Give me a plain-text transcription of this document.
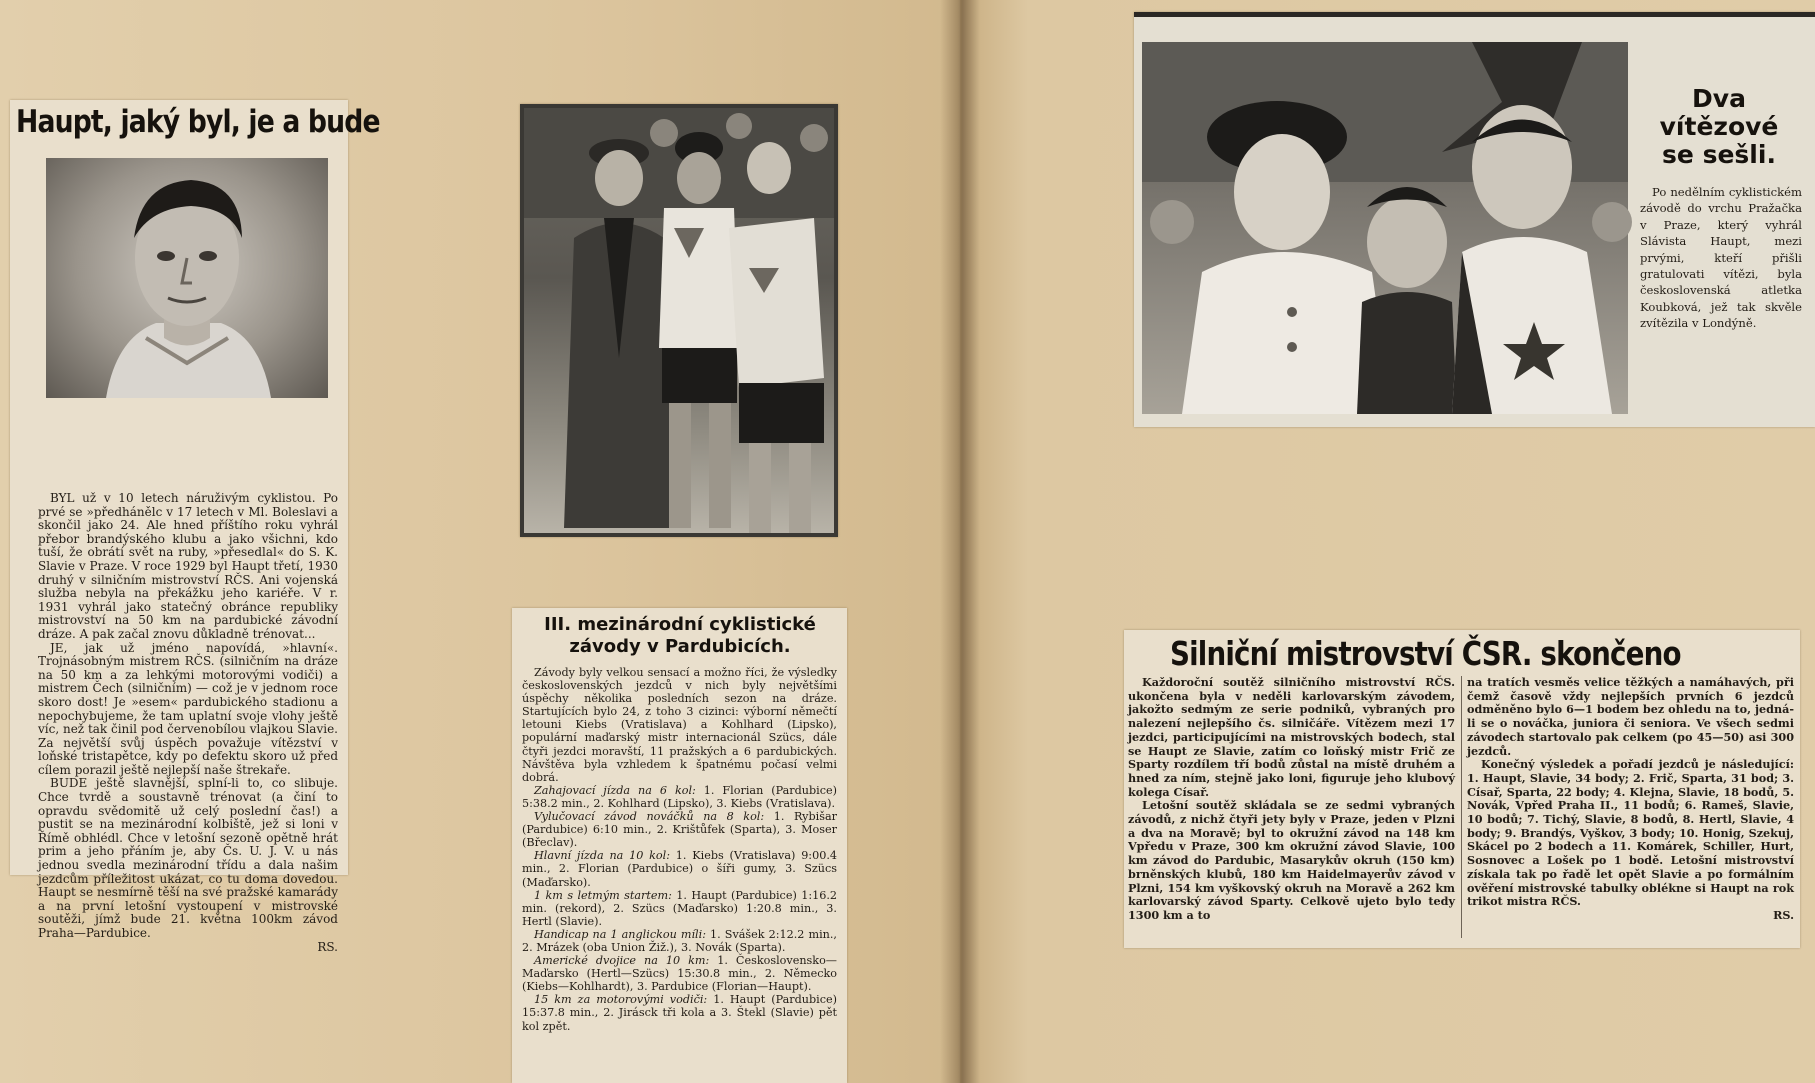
Haupt, jaký byl, je a bude

BYL už v 10 letech náruživým cyklistou. Po prvé se »předhánělc v 17 letech v Ml. Boleslavi a skončil jako 24. Ale hned příštího roku vyhrál přebor brandýského klubu a jako všichni, kdo tuší, že obrátí svět na ruby, »přesedlal« do S. K. Slavie v Praze. V roce 1929 byl Haupt třetí, 1930 druhý v silničním mistrovství RČS. Ani vojenská služba nebyla na překážku jeho kariéře. V r. 1931 vyhrál jako statečný obránce republiky mistrovství na 50 km na pardubické závodní dráze. A pak začal znovu důkladně trénovat...

JE, jak už jméno napovídá, »hlavní«. Trojnásobným mistrem RČS. (silničním na dráze na 50 km a za lehkými motorovými vodiči) a mistrem Čech (silničním) — což je v jednom roce skoro dost! Je »esem« pardubického stadionu a nepochybujeme, že tam uplatní svoje vlohy ještě víc, než tak činil pod červenobílou vlajkou Slavie. Za největší svůj úspěch považuje vítězství v loňské tristapětce, kdy po defektu skoro už před cílem porazil ještě nejlepší naše štrekaře.

BUDE ještě slavnější, splní-li to, co slibuje. Chce tvrdě a soustavně trénovat (a činí to opravdu svědomitě už celý poslední čas!) a pustit se na mezinárodní kolbiště, jež si loni v Římě obhlédl. Chce v letošní sezoně opětně hrát prim a jeho přáním je, aby Čs. U. J. V. u nás jednou svedla mezinárodní třídu a dala našim jezdcům příležitost ukázat, co tu doma dovedou. Haupt se nesmírně těší na své pražské kamarády a na první letošní vystoupení v mistrovské soutěži, jímž bude 21. května 100km závod Praha—Pardubice.

RS.

III. mezinárodní cyklistické
závody v Pardubicích.

Závody byly velkou sensací a možno říci, že výsledky československých jezdců v nich byly největšími úspěchy několika posledních sezon na dráze. Startujících bylo 24, z toho 3 cizinci: výborní němečtí letouni Kiebs (Vratislava) a Kohlhard (Lipsko), populární maďarský mistr internacionál Szücs, dále čtyři jezdci moravští, 11 pražských a 6 pardubických. Návštěva byla vzhledem k špatnému počasí velmi dobrá.

Zahajovací jízda na 6 kol: 1. Florian (Pardubice) 5:38.2 min., 2. Kohlhard (Lipsko), 3. Kiebs (Vratislava).

Vylučovací závod nováčků na 8 kol: 1. Rybišar (Pardubice) 6:10 min., 2. Krištůfek (Sparta), 3. Moser (Břeclav).

Hlavní jízda na 10 kol: 1. Kiebs (Vratislava) 9:00.4 min., 2. Florian (Pardubice) o šíři gumy, 3. Szücs (Maďarsko).

1 km s letmým startem: 1. Haupt (Pardubice) 1:16.2 min. (rekord), 2. Szücs (Maďarsko) 1:20.8 min., 3. Hertl (Slavie).

Handicap na 1 anglickou míli: 1. Svášek 2:12.2 min., 2. Mrázek (oba Union Žiž.), 3. Novák (Sparta).

Americké dvojice na 10 km: 1. Československo—Maďarsko (Hertl—Szücs) 15:30.8 min., 2. Německo (Kiebs—Kohlhardt), 3. Pardubice (Florian—Haupt).

15 km za motorovými vodiči: 1. Haupt (Pardubice) 15:37.8 min., 2. Jirásck tři kola a 3. Štekl (Slavie) pět kol zpět.

Dva
vítězové
se sešli.
Po nedělním cyklistickém závodě do vrchu Pražačka v Praze, který vyhrál Slávista Haupt, mezi prvými, kteří přišli gratulovati vítězi, byla československá atletka Koubková, jež tak skvěle zvítězila v Londýně.
Silniční mistrovství ČSR. skončeno

Každoroční soutěž silničního mistrovství RČS. ukončena byla v neděli karlovarským závodem, jakožto sedmým ze serie podniků, vybraných pro nalezení nejlepšího čs. silničáře. Vítězem mezi 17 jezdci, participujícími na mistrovských bodech, stal se Haupt ze Slavie, zatím co loňský mistr Frič ze Sparty rozdílem tří bodů zůstal na místě druhém a hned za ním, stejně jako loni, figuruje jeho klubový kolega Císař.

Letošní soutěž skládala se ze sedmi vybraných závodů, z nichž čtyři jety byly v Praze, jeden v Plzni a dva na Moravě; byl to okružní závod na 148 km Vpředu v Praze, 300 km okružní závod Slavie, 100 km závod do Pardubic, Masarykův okruh (150 km) brněnských klubů, 180 km Haidelmayerův závod v Plzni, 154 km vyškovský okruh na Moravě a 262 km karlovarský závod Sparty. Celkově ujeto bylo tedy 1300 km a to

na tratích vesměs velice těžkých a namáhavých, při čemž časově vždy nejlepších prvních 6 jezdců odměněno bylo 6—1 bodem bez ohledu na to, jedná-li se o nováčka, juniora či seniora. Ve všech sedmi závodech startovalo pak celkem (po 45—50) asi 300 jezdců.

Konečný výsledek a pořadí jezdců je následující: 1. Haupt, Slavie, 34 body; 2. Frič, Sparta, 31 bod; 3. Císař, Sparta, 22 body; 4. Klejna, Slavie, 18 bodů, 5. Novák, Vpřed Praha II., 11 bodů; 6. Rameš, Slavie, 10 bodů; 7. Tichý, Slavie, 8 bodů, 8. Hertl, Slavie, 4 body; 9. Brandýs, Vyškov, 3 body; 10. Honig, Szekuj, Skácel po 2 bodech a 11. Komárek, Schiller, Hurt, Sosnovec a Lošek po 1 bodě. Letošní mistrovství získala tak po řadě let opět Slavie a po formálním ověření mistrovské tabulky oblékne si Haupt na rok trikot mistra RČS.

RS.
